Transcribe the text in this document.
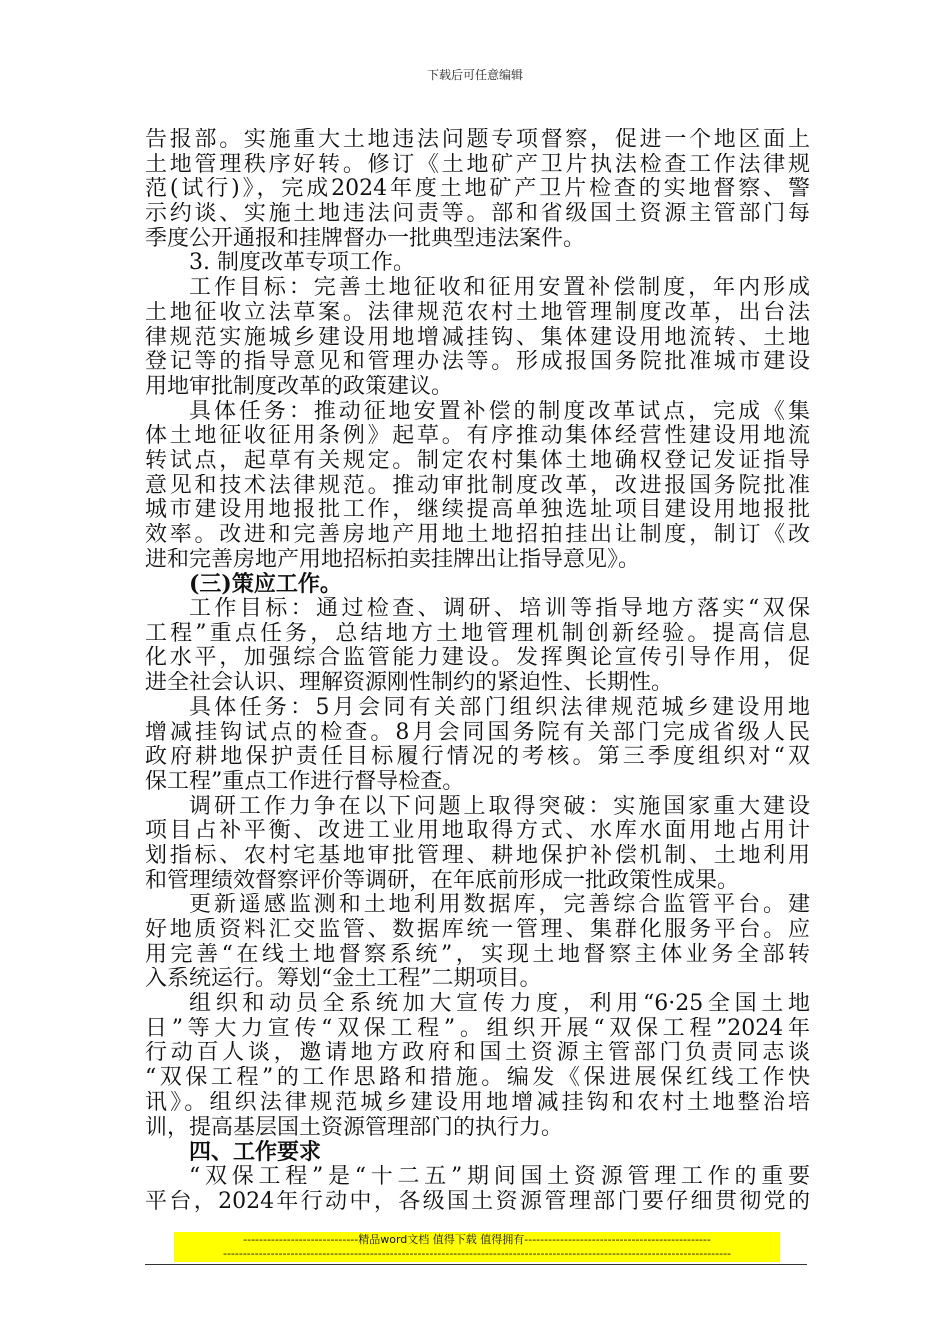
下载后可任意编辑
告报部。实施重大土地违法问题专项督察，促进一个地区面上
土地管理秩序好转。修订《土地矿产卫片执法检查工作法律规
范(试行)》，完成2024年度土地矿产卫片检查的实地督察、警
示约谈、实施土地违法问责等。部和省级国土资源主管部门每
季度公开通报和挂牌督办一批典型违法案件。
3. 制度改革专项工作。
工作目标：完善土地征收和征用安置补偿制度，年内形成
土地征收立法草案。法律规范农村土地管理制度改革，出台法
律规范实施城乡建设用地增减挂钩、集体建设用地流转、土地
登记等的指导意见和管理办法等。形成报国务院批准城市建设
用地审批制度改革的政策建议。
具体任务：推动征地安置补偿的制度改革试点，完成《集
体土地征收征用条例》起草。有序推动集体经营性建设用地流
转试点，起草有关规定。制定农村集体土地确权登记发证指导
意见和技术法律规范。推动审批制度改革，改进报国务院批准
城市建设用地报批工作，继续提高单独选址项目建设用地报批
效率。改进和完善房地产用地土地招拍挂出让制度，制订《改
进和完善房地产用地招标拍卖挂牌出让指导意见》。
(三)策应工作。
工作目标：通过检查、调研、培训等指导地方落实“双保
工程”重点任务，总结地方土地管理机制创新经验。提高信息
化水平，加强综合监管能力建设。发挥舆论宣传引导作用，促
进全社会认识、理解资源刚性制约的紧迫性、长期性。
具体任务：5月会同有关部门组织法律规范城乡建设用地
增减挂钩试点的检查。8月会同国务院有关部门完成省级人民
政府耕地保护责任目标履行情况的考核。第三季度组织对“双
保工程”重点工作进行督导检查。
调研工作力争在以下问题上取得突破：实施国家重大建设
项目占补平衡、改进工业用地取得方式、水库水面用地占用计
划指标、农村宅基地审批管理、耕地保护补偿机制、土地利用
和管理绩效督察评价等调研，在年底前形成一批政策性成果。
更新遥感监测和土地利用数据库，完善综合监管平台。建
好地质资料汇交监管、数据库统一管理、集群化服务平台。应
用完善“在线土地督察系统”，实现土地督察主体业务全部转
入系统运行。筹划“金土工程”二期项目。
组织和动员全系统加大宣传力度，利用“6·25全国土地
日”等大力宣传“双保工程”。组织开展“双保工程”2024年
行动百人谈，邀请地方政府和国土资源主管部门负责同志谈
“双保工程”的工作思路和措施。编发《保进展保红线工作快
讯》。组织法律规范城乡建设用地增减挂钩和农村土地整治培
训，提高基层国土资源管理部门的执行力。
四、工作要求
“双保工程”是“十二五”期间国土资源管理工作的重要
平台，2024年行动中，各级国土资源管理部门要仔细贯彻党的
-----------------------------精品word文档 值得下载 值得拥有-----------------------------------------------
--------------------------------------------------------------------------------------------------------------------------------
